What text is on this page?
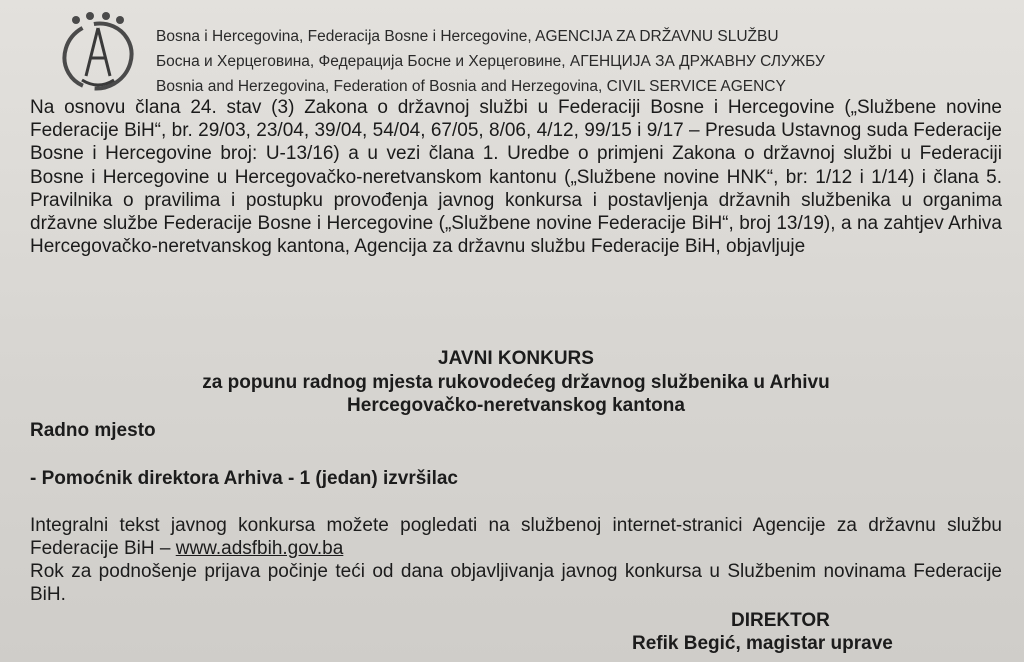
Bosna i Hercegovina, Federacija Bosne i Hercegovine, AGENCIJA ZA DRŽAVNU SLUŽBU
Босна и Херцеговина, Федерација Босне и Херцеговине, АГЕНЦИЈА ЗА ДРЖАВНУ СЛУЖБУ
Bosnia and Herzegovina, Federation of Bosnia and Herzegovina, CIVIL SERVICE AGENCY

Na osnovu člana 24. stav (3) Zakona o državnoj službi u Federaciji Bosne i Hercegovine („Službene novine Federacije BiH“, br. 29/03, 23/04, 39/04, 54/04, 67/05, 8/06, 4/12, 99/15 i 9/17 – Presuda Ustavnog suda Federacije Bosne i Hercegovine broj: U-13/16) a u vezi člana 1. Uredbe o primjeni Zakona o državnoj službi u Federaciji Bosne i Hercegovine u Hercegovačko-neretvanskom kantonu („Službene novine HNK“, br: 1/12 i 1/14) i člana 5. Pravilnika o pravilima i postupku provođenja javnog konkursa i postavljenja državnih službenika u organima državne službe Federacije Bosne i Hercegovine („Službene novine Federacije BiH“, broj 13/19), a na zahtjev Arhiva Hercegovačko-neretvanskog kantona, Agencija za državnu službu Federacije BiH, objavljuje

JAVNI KONKURS
za popunu radnog mjesta rukovodećeg državnog službenika u Arhivu
Hercegovačko-neretvanskog kantona
Radno mjesto
- Pomoćnik direktora Arhiva - 1 (jedan) izvršilac

Integralni tekst javnog konkursa možete pogledati na službenoj internet-stranici Agencije za državnu službu Federacije BiH – www.adsfbih.gov.ba

Rok za podnošenje prijava počinje teći od dana objavljivanja javnog konkursa u Službenim novinama Federacije BiH.
DIREKTOR
Refik Begić, magistar uprave
